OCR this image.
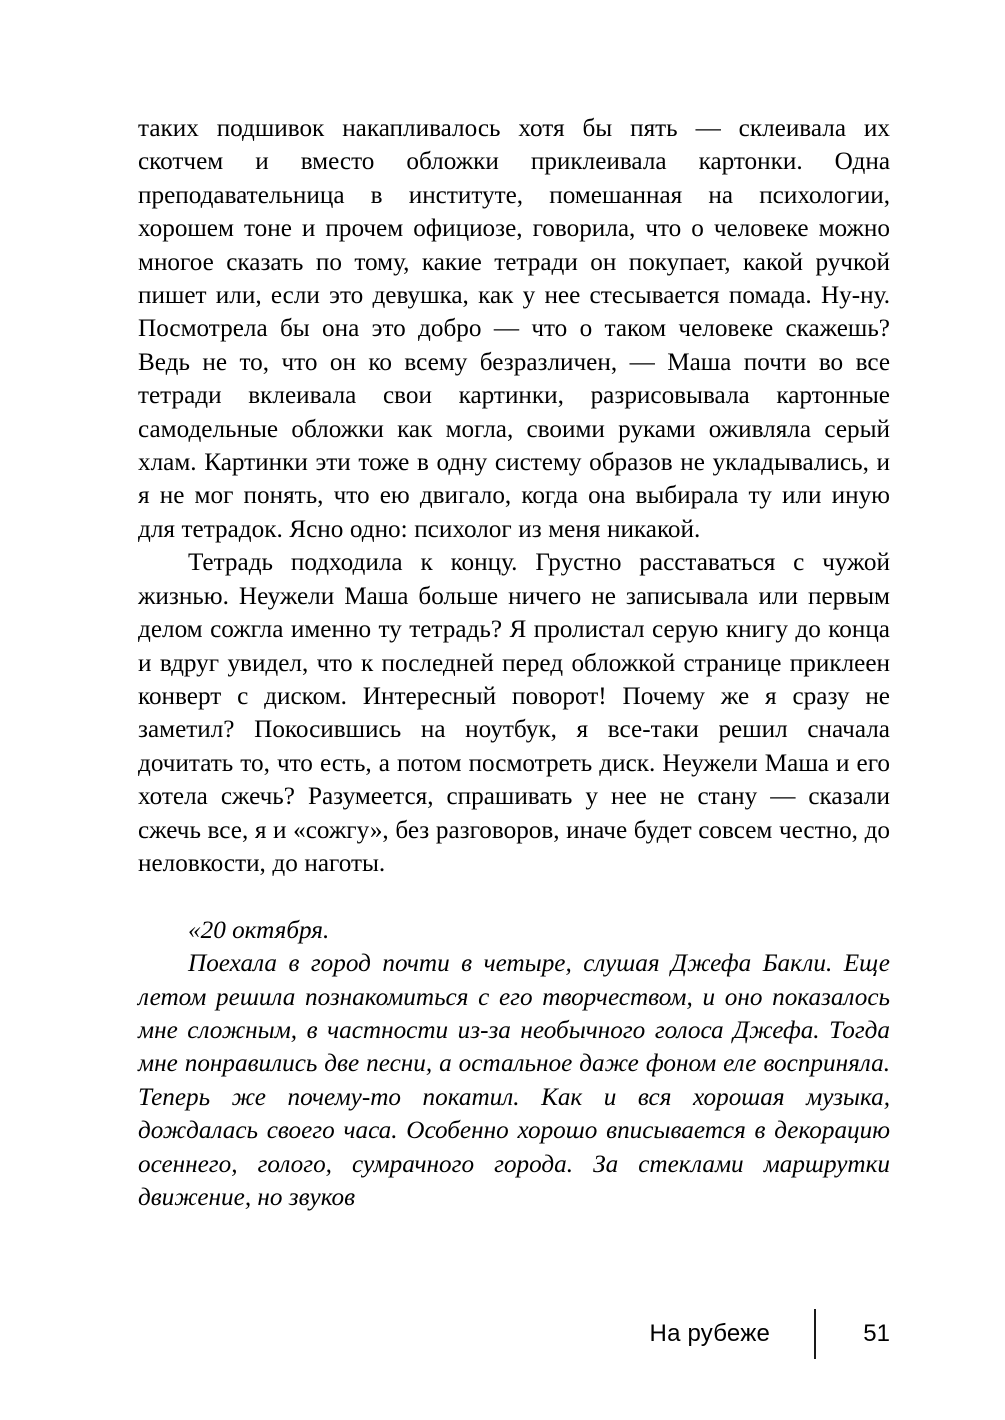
таких подшивок накапливалось хотя бы пять — склеивала их скотчем и вместо обложки приклеивала картонки. Одна преподавательница в институте, помешанная на психологии, хорошем тоне и прочем официозе, говорила, что о человеке можно многое сказать по тому, какие тетради он покупает, какой ручкой пишет или, если это девушка, как у нее стесывается помада. Ну-ну. Посмотрела бы она это добро — что о таком человеке скажешь? Ведь не то, что он ко всему безразличен, — Маша почти во все тетради вклеивала свои картинки, разрисовывала картонные самодельные обложки как могла, своими руками оживляла серый хлам. Картинки эти тоже в одну систему образов не укладывались, и я не мог понять, что ею двигало, когда она выбирала ту или иную для тетрадок. Ясно одно: психолог из меня никакой.

Тетрадь подходила к концу. Грустно расставаться с чужой жизнью. Неужели Маша больше ничего не записывала или первым делом сожгла именно ту тетрадь? Я пролистал серую книгу до конца и вдруг увидел, что к последней перед обложкой странице приклеен конверт с диском. Интересный поворот! Почему же я сразу не заметил? Покосившись на ноутбук, я все-таки решил сначала дочитать то, что есть, а потом посмотреть диск. Неужели Маша и его хотела сжечь? Разумеется, спрашивать у нее не стану — сказали сжечь все, я и «сожгу», без разговоров, иначе будет совсем честно, до неловкости, до наготы.

«20 октября.

Поехала в город почти в четыре, слушая Джефа Бакли. Еще летом решила познакомиться с его творчеством, и оно показалось мне сложным, в частности из-за необычного голоса Джефа. Тогда мне понравились две песни, а остальное даже фоном еле восприняла. Теперь же почему-то покатил. Как и вся хорошая музыка, дождалась своего часа. Особенно хорошо вписывается в декорацию осеннего, голого, сумрачного города. За стеклами маршрутки движение, но звуков

На рубеже	51
